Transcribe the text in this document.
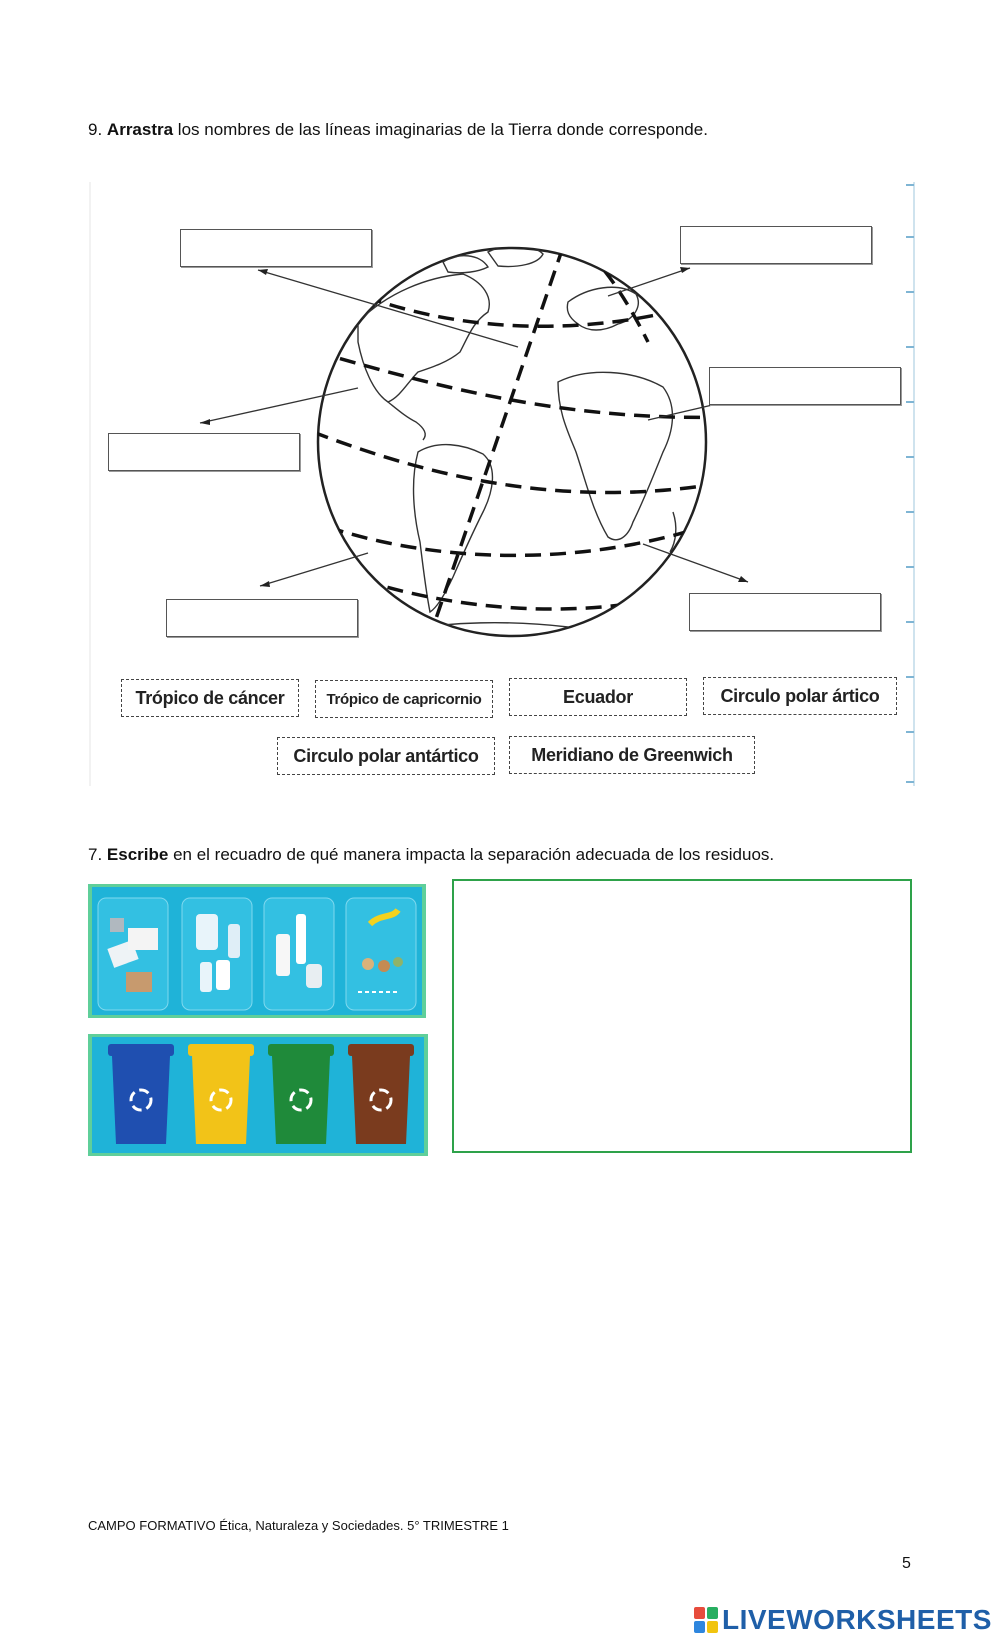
9. Arrastra los nombres de las líneas imaginarias de la Tierra donde corresponde.
Trópico de cáncer	Trópico de capricornio	Ecuador	Circulo polar ártico
Circulo polar antártico	Meridiano de Greenwich
7. Escribe en el recuadro de qué manera impacta la separación adecuada de los residuos.
CAMPO FORMATIVO Ética, Naturaleza y Sociedades. 5° TRIMESTRE 1
5
LIVEWORKSHEETS
